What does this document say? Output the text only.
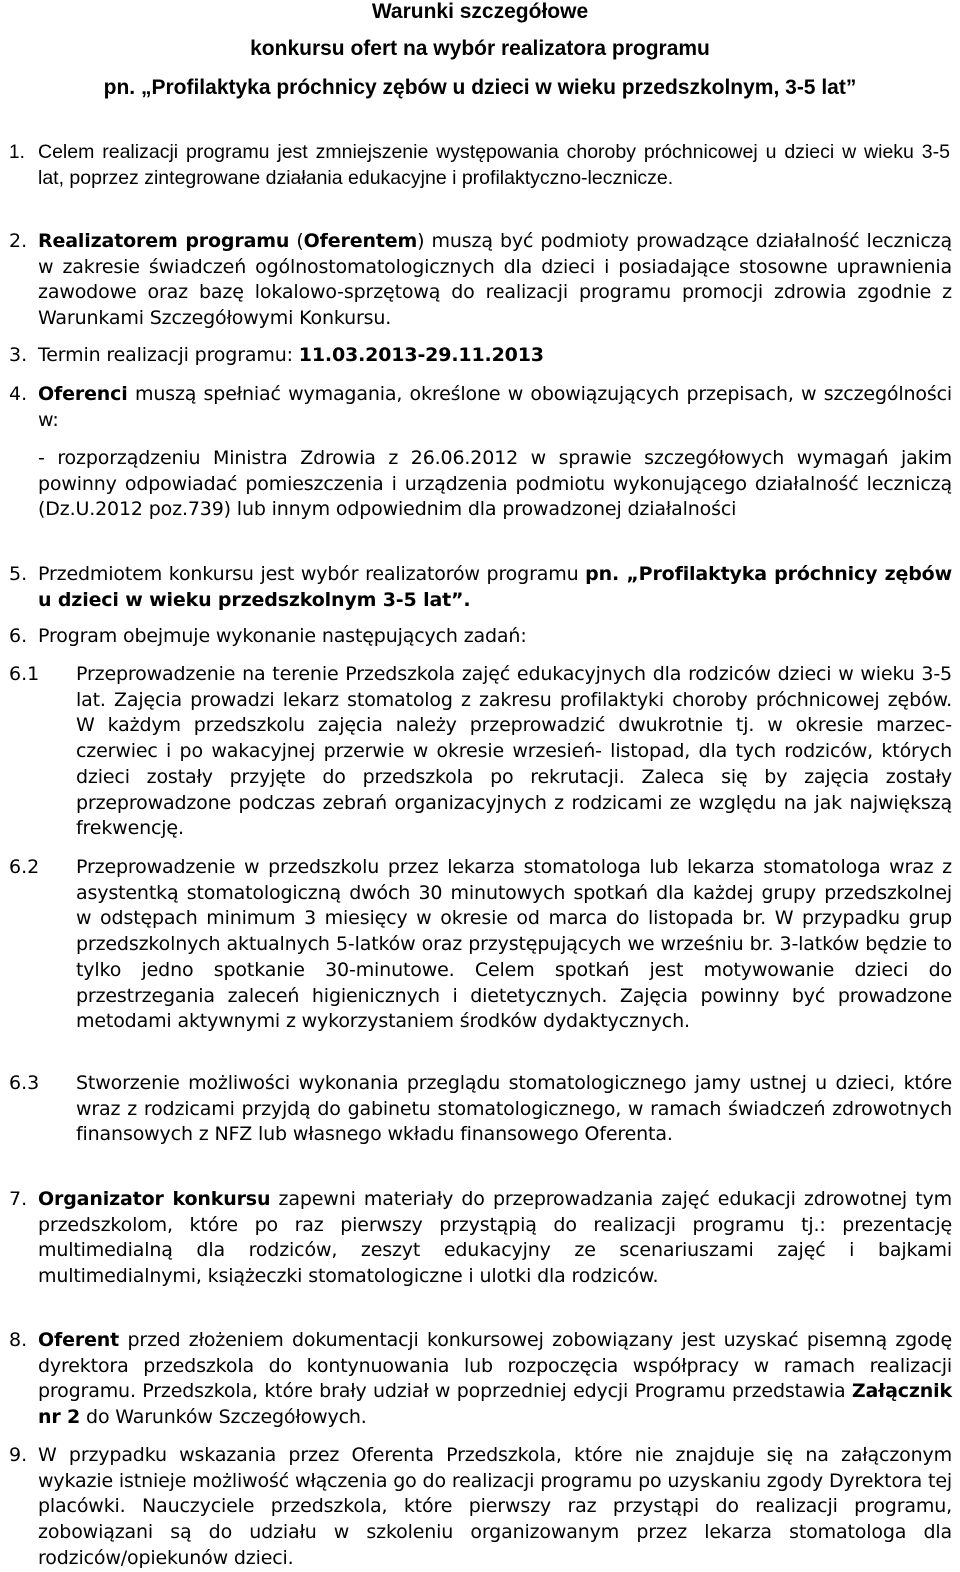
Warunki szczegółowe
konkursu ofert na wybór realizatora programu
pn. „Profilaktyka próchnicy zębów u dzieci w wieku przedszkolnym, 3-5 lat”
1. Celem realizacji programu jest zmniejszenie występowania choroby próchnicowej u dzieci w wieku 3-5 lat, poprzez zintegrowane działania edukacyjne i profilaktyczno-lecznicze.
2. Realizatorem programu (Oferentem) muszą być podmioty prowadzące działalność leczniczą w zakresie świadczeń ogólnostomatologicznych dla dzieci i posiadające stosowne uprawnienia zawodowe oraz bazę lokalowo-sprzętową do realizacji programu promocji zdrowia zgodnie z Warunkami Szczegółowymi Konkursu.
3. Termin realizacji programu: 11.03.2013-29.11.2013
4. Oferenci muszą spełniać wymagania, określone w obowiązujących przepisach, w szczególności w:
- rozporządzeniu Ministra Zdrowia z 26.06.2012 w sprawie szczegółowych wymagań jakim powinny odpowiadać pomieszczenia i urządzenia podmiotu wykonującego działalność leczniczą (Dz.U.2012 poz.739) lub innym odpowiednim dla prowadzonej działalności
5. Przedmiotem konkursu jest wybór realizatorów programu pn. „Profilaktyka próchnicy zębów u dzieci w wieku przedszkolnym 3-5 lat”.
6. Program obejmuje wykonanie następujących zadań:
6.1 Przeprowadzenie na terenie Przedszkola zajęć edukacyjnych dla rodziców dzieci w wieku 3-5 lat. Zajęcia prowadzi lekarz stomatolog z zakresu profilaktyki choroby próchnicowej zębów. W każdym przedszkolu zajęcia należy przeprowadzić dwukrotnie tj. w okresie marzec-czerwiec i po wakacyjnej przerwie w okresie wrzesień- listopad, dla tych rodziców, których dzieci zostały przyjęte do przedszkola po rekrutacji. Zaleca się by zajęcia zostały przeprowadzone podczas zebrań organizacyjnych z rodzicami ze względu na jak największą frekwencję.
6.2 Przeprowadzenie w przedszkolu przez lekarza stomatologa lub lekarza stomatologa wraz z asystentką stomatologiczną dwóch 30 minutowych spotkań dla każdej grupy przedszkolnej w odstępach minimum 3 miesięcy w okresie od marca do listopada br. W przypadku grup przedszkolnych aktualnych 5-latków oraz przystępujących we wrześniu br. 3-latków będzie to tylko jedno spotkanie 30-minutowe. Celem spotkań jest motywowanie dzieci do przestrzegania zaleceń higienicznych i dietetycznych. Zajęcia powinny być prowadzone metodami aktywnymi z wykorzystaniem środków dydaktycznych.
6.3 Stworzenie możliwości wykonania przeglądu stomatologicznego jamy ustnej u dzieci, które wraz z rodzicami przyjdą do gabinetu stomatologicznego, w ramach świadczeń zdrowotnych finansowych z NFZ lub własnego wkładu finansowego Oferenta.
7. Organizator konkursu zapewni materiały do przeprowadzania zajęć edukacji zdrowotnej tym przedszkolom, które po raz pierwszy przystąpią do realizacji programu tj.: prezentację multimedialną dla rodziców, zeszyt edukacyjny ze scenariuszami zajęć i bajkami multimedialnymi, książeczki stomatologiczne i ulotki dla rodziców.
8. Oferent przed złożeniem dokumentacji konkursowej zobowiązany jest uzyskać pisemną zgodę dyrektora przedszkola do kontynuowania lub rozpoczęcia współpracy w ramach realizacji programu. Przedszkola, które brały udział w poprzedniej edycji Programu przedstawia Załącznik nr 2 do Warunków Szczegółowych.
9. W przypadku wskazania przez Oferenta Przedszkola, które nie znajduje się na załączonym wykazie istnieje możliwość włączenia go do realizacji programu po uzyskaniu zgody Dyrektora tej placówki. Nauczyciele przedszkola, które pierwszy raz przystąpi do realizacji programu, zobowiązani są do udziału w szkoleniu organizowanym przez lekarza stomatologa dla rodziców/opiekunów dzieci.
